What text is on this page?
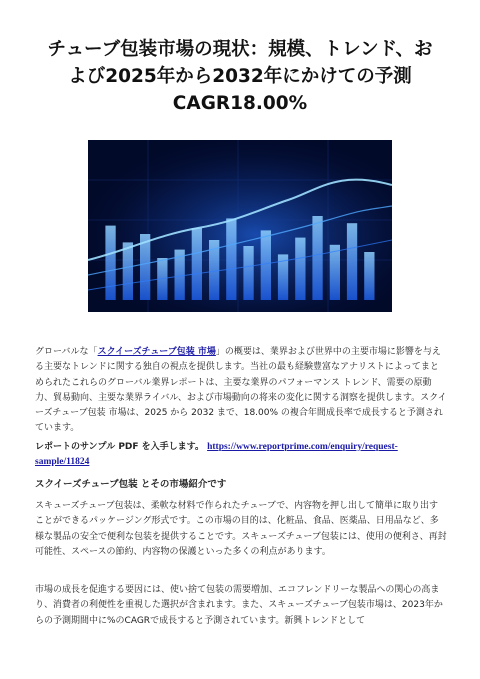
チューブ包装市場の現状：規模、トレンド、お
よび2025年から2032年にかけての予測
CAGR18.00%

グローバルな「スクイーズチューブ包装 市場」の概要は、業界および世界中の主要市場に影響を与える主要なトレンドに関する独自の視点を提供します。当社の最も経験豊富なアナリストによってまとめられたこれらのグローバル業界レポートは、主要な業界のパフォーマンス トレンド、需要の原動力、貿易動向、主要な業界ライバル、および市場動向の将来の変化に関する洞察を提供します。スクイーズチューブ包装 市場は、2025 から 2032 まで、18.00% の複合年間成長率で成長すると予測されています。

レポートのサンプル PDF を入手します。 https://www.reportprime.com/enquiry/request-sample/11824
スクイーズチューブ包装 とその市場紹介です

スキューズチューブ包装は、柔軟な材料で作られたチューブで、内容物を押し出して簡単に取り出すことができるパッケージング形式です。この市場の目的は、化粧品、食品、医薬品、日用品など、多様な製品の安全で便利な包装を提供することです。スキューズチューブ包装には、使用の便利さ、再封可能性、スペースの節約、内容物の保護といった多くの利点があります。

市場の成長を促進する要因には、使い捨て包装の需要増加、エコフレンドリーな製品への関心の高まり、消費者の利便性を重視した選択が含まれます。また、スキューズチューブ包装市場は、2023年からの予測期間中に%のCAGRで成長すると予測されています。新興トレンドとして
